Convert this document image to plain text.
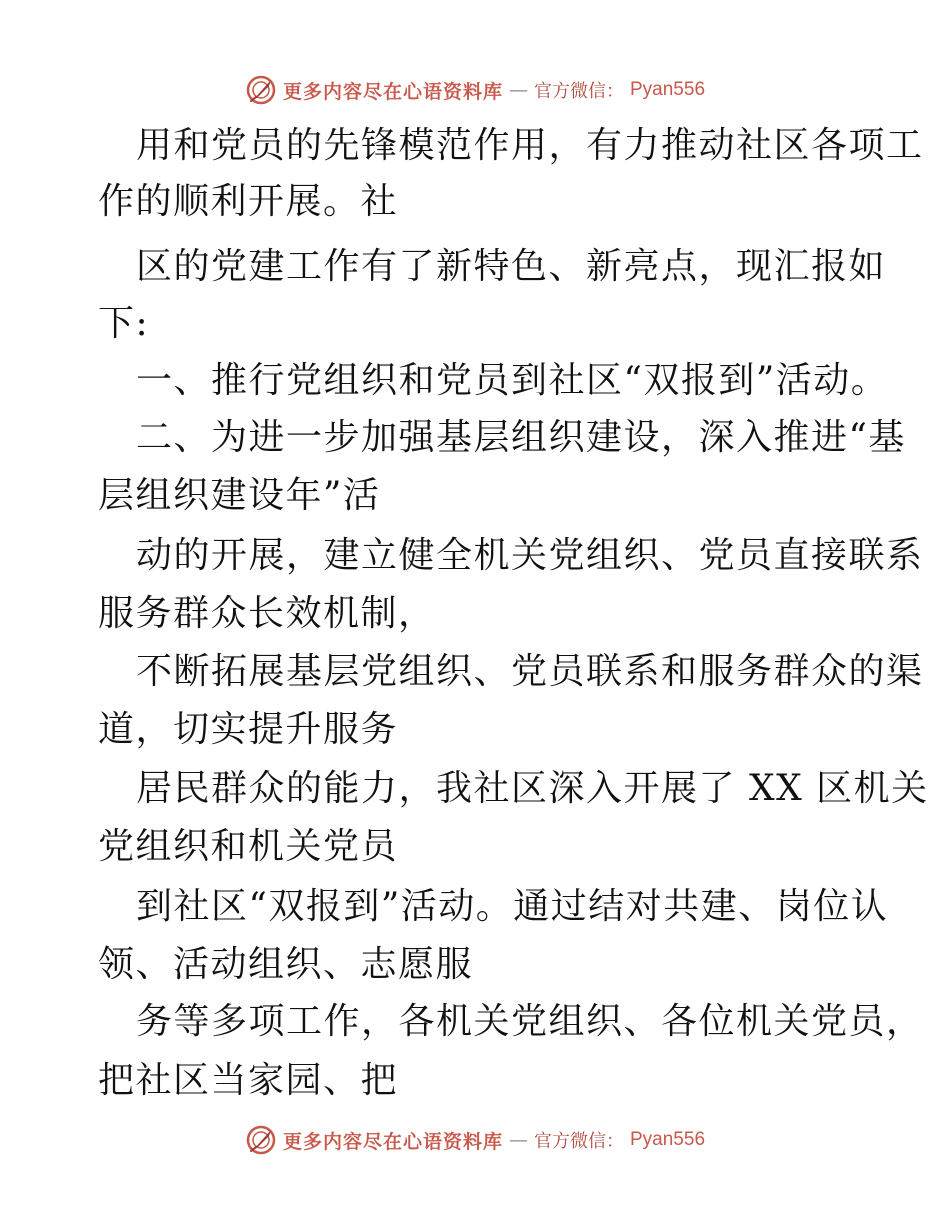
更多内容尽在心语资料库 — 官方微信： Pyan556
用和党员的先锋模范作用，有力推动社区各项工
作的顺利开展。社
区的党建工作有了新特色、新亮点，现汇报如
下:
一、推行党组织和党员到社区“双报到”活动。
二、为进一步加强基层组织建设，深入推进“基
层组织建设年”活
动的开展，建立健全机关党组织、党员直接联系
服务群众长效机制，
不断拓展基层党组织、党员联系和服务群众的渠
道，切实提升服务
居民群众的能力，我社区深入开展了 XX 区机关
党组织和机关党员
到社区“双报到”活动。通过结对共建、岗位认
领、活动组织、志愿服
务等多项工作，各机关党组织、各位机关党员，
把社区当家园、把
更多内容尽在心语资料库 — 官方微信： Pyan556
